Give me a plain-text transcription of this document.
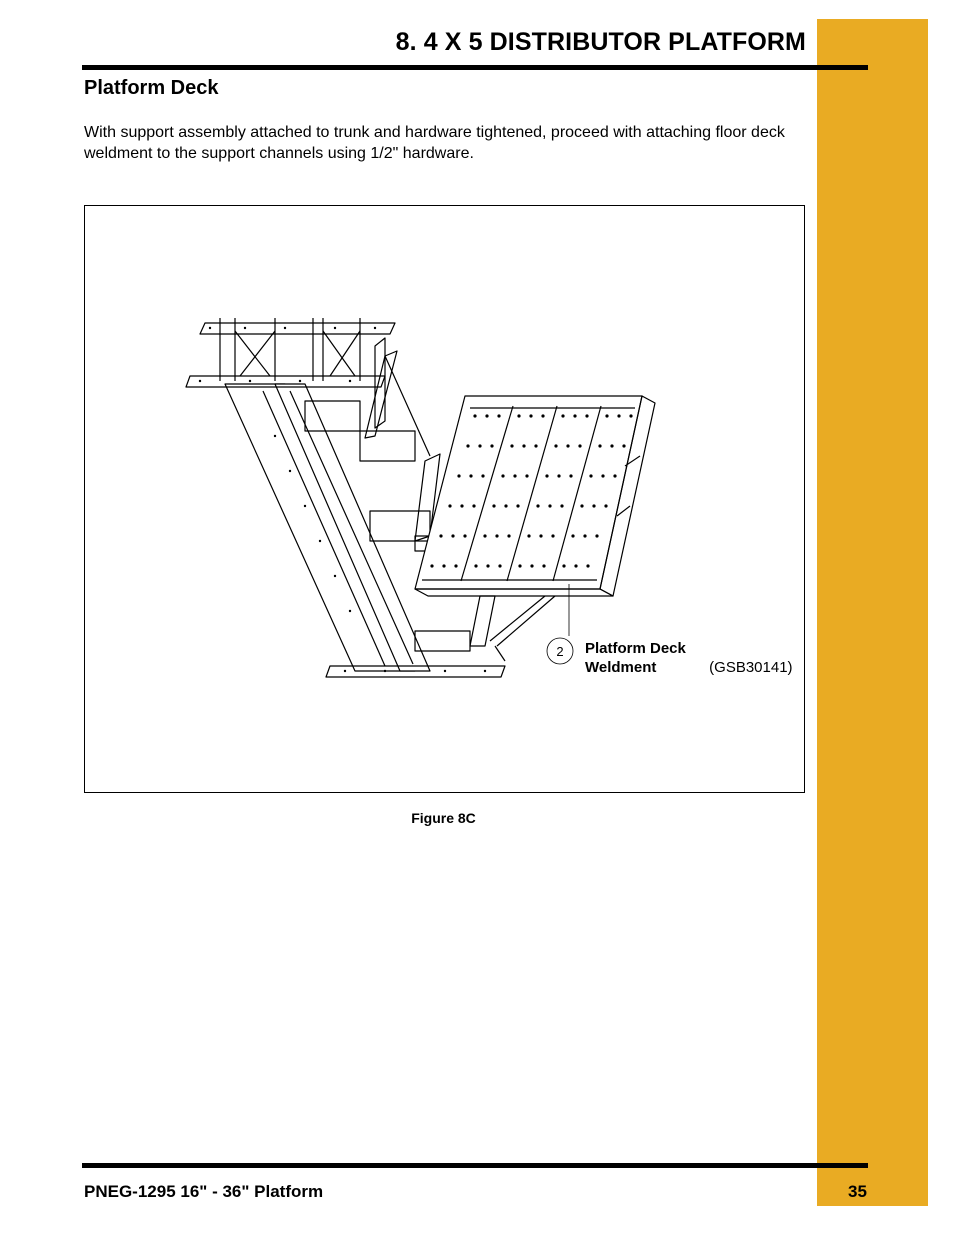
8. 4 X 5 DISTRIBUTOR PLATFORM
Platform Deck
With support assembly attached to trunk and hardware tightened, proceed with attaching floor deck weldment to the support channels using 1/2" hardware.
2 Platform Deck Weldment	(GSB30141)
Figure 8C
PNEG-1295 16" - 36" Platform	35
